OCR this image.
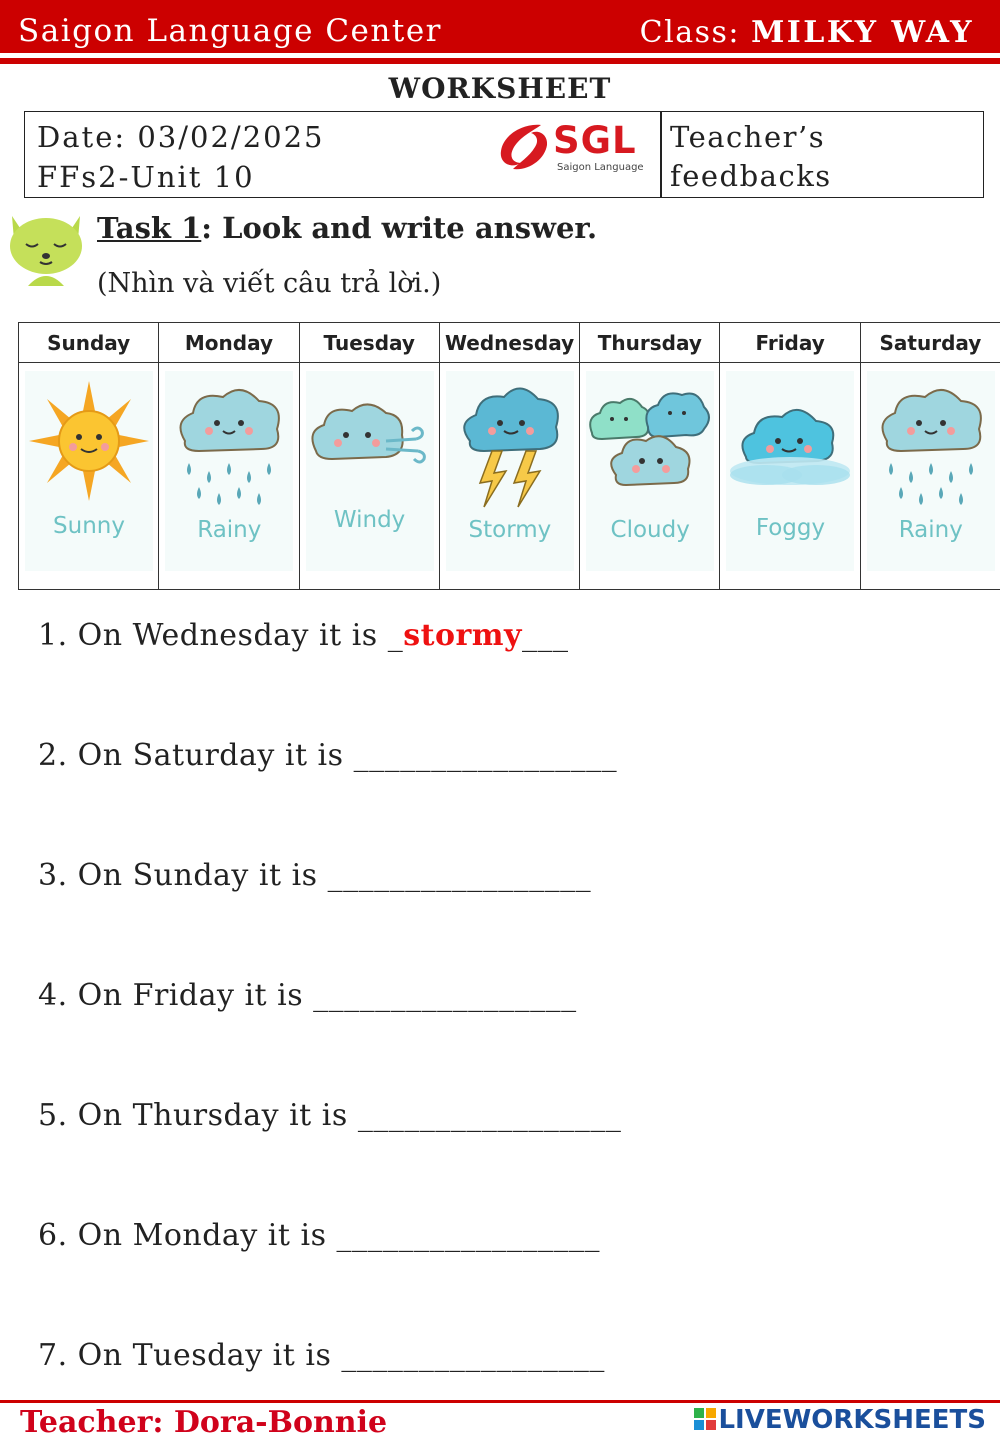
Saigon Language Center	Class: MILKY WAY
WORKSHEET
Date: 03/02/2025
FFs2-Unit 10
SGL
Saigon Language
Teacher’s
feedbacks
Task 1: Look and write answer.
(Nhìn và viết câu trả lời.)
Sunday
Sunny
Monday
Rainy
Tuesday
Windy
Wednesday
Stormy
Thursday
Cloudy
Friday
Foggy
Saturday
Rainy
1. On Wednesday it is _stormy___
2. On Saturday it is _________________
3. On Sunday it is _________________
4. On Friday it is _________________
5. On Thursday it is _________________
6. On Monday it is _________________
7. On Tuesday it is _________________
Teacher: Dora-Bonnie	LIVEWORKSHEETS
